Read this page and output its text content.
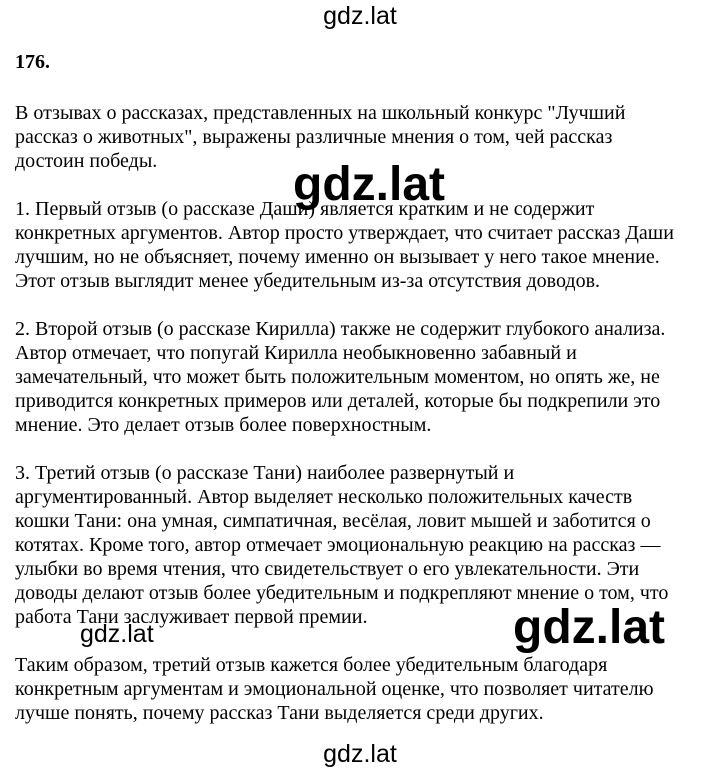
176.
В отзывах о рассказах, представленных на школьный конкурс "Лучший
рассказ о животных", выражены различные мнения о том, чей рассказ
достоин победы.
1. Первый отзыв (о рассказе Даши) является кратким и не содержит
конкретных аргументов. Автор просто утверждает, что считает рассказ Даши
лучшим, но не объясняет, почему именно он вызывает у него такое мнение.
Этот отзыв выглядит менее убедительным из-за отсутствия доводов.
2. Второй отзыв (о рассказе Кирилла) также не содержит глубокого анализа.
Автор отмечает, что попугай Кирилла необыкновенно забавный и
замечательный, что может быть положительным моментом, но опять же, не
приводится конкретных примеров или деталей, которые бы подкрепили это
мнение. Это делает отзыв более поверхностным.
3. Третий отзыв (о рассказе Тани) наиболее развернутый и
аргументированный. Автор выделяет несколько положительных качеств
кошки Тани: она умная, симпатичная, весёлая, ловит мышей и заботится о
котятах. Кроме того, автор отмечает эмоциональную реакцию на рассказ —
улыбки во время чтения, что свидетельствует о его увлекательности. Эти
доводы делают отзыв более убедительным и подкрепляют мнение о том, что
работа Тани заслуживает первой премии.
Таким образом, третий отзыв кажется более убедительным благодаря
конкретным аргументам и эмоциональной оценке, что позволяет читателю
лучше понять, почему рассказ Тани выделяется среди других.
gdz.lat
gdz.lat
gdz.lat	gdz.lat
gdz.lat
